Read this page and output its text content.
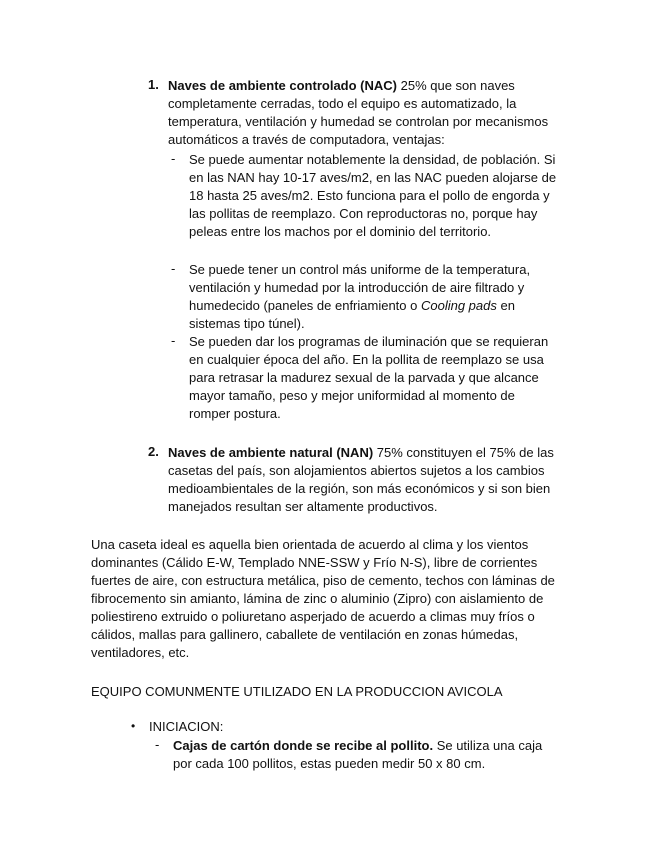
1. Naves de ambiente controlado (NAC) 25% que son naves completamente cerradas, todo el equipo es automatizado, la temperatura, ventilación y humedad se controlan por mecanismos automáticos a través de computadora, ventajas:
- Se puede aumentar notablemente la densidad, de población. Si en las NAN hay 10-17 aves/m2, en las NAC pueden alojarse de 18 hasta 25 aves/m2. Esto funciona para el pollo de engorda y las pollitas de reemplazo. Con reproductoras no, porque hay peleas entre los machos por el dominio del territorio.
- Se puede tener un control más uniforme de la temperatura, ventilación y humedad por la introducción de aire filtrado y humedecido (paneles de enfriamiento o Cooling pads en sistemas tipo túnel).
- Se pueden dar los programas de iluminación que se requieran en cualquier época del año. En la pollita de reemplazo se usa para retrasar la madurez sexual de la parvada y que alcance mayor tamaño, peso y mejor uniformidad al momento de romper postura.
2. Naves de ambiente natural (NAN) 75% constituyen el 75% de las casetas del país, son alojamientos abiertos sujetos a los cambios medioambientales de la región, son más económicos y si son bien manejados resultan ser altamente productivos.
Una caseta ideal es aquella bien orientada de acuerdo al clima y los vientos dominantes (Cálido E-W, Templado NNE-SSW y Frío N-S), libre de corrientes fuertes de aire, con estructura metálica, piso de cemento, techos con láminas de fibrocemento sin amianto, lámina de zinc o aluminio (Zipro) con aislamiento de poliestireno extruido o poliuretano asperjado de acuerdo a climas muy fríos o cálidos, mallas para gallinero, caballete de ventilación en zonas húmedas, ventiladores, etc.
EQUIPO COMUNMENTE UTILIZADO EN LA PRODUCCION AVICOLA
• INICIACION:
- Cajas de cartón donde se recibe al pollito. Se utiliza una caja por cada 100 pollitos, estas pueden medir 50 x 80 cm.
